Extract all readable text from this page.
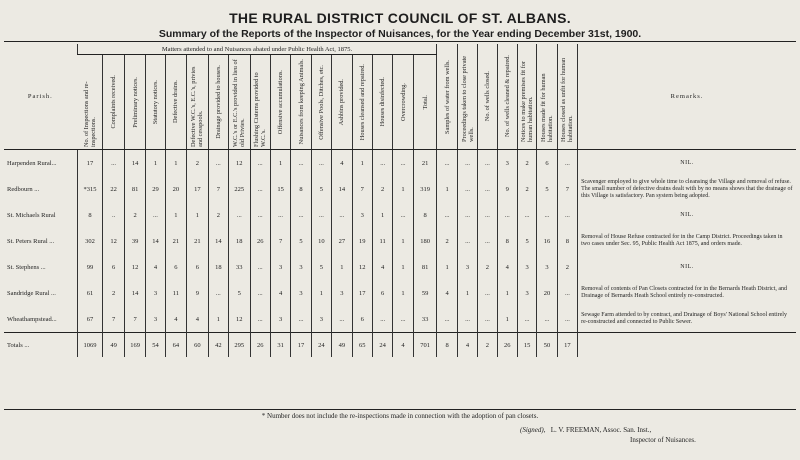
THE RURAL DISTRICT COUNCIL OF ST. ALBANS.
Summary of the Reports of the Inspector of Nuisances, for the Year ending December 31st, 1900.
Parish.	Matters attended to and Nuisances abated under Public Health Act, 1875.																	Samples of water from wells.	Proceedings taken to close private wells.	No. of wells closed.	No. of wells cleaned & repaired.	Notices to make premises fit for human habitation.	Houses made fit for human habitation.	Houses closed as unfit for human habitation.	Remarks.

	No. of Inspections and re-inspections.	Complaints received.	Preliminary notices.	Statutory notices.	Defective drains.	Defective W.C.'s, E.C.'s, privies and cesspools.	Drainage provided to houses.	W.C.'s or E.C.'s provided in lieu of old Privies.	Flushing Cisterns provided to W.C.'s.	Offensive accumulations.	Nuisances from keeping Animals.	Offensive Pools, Ditches, etc.	Ashbins provided.	Houses cleansed and repaired.	Houses disinfected.	Overcrowding.	Total.								

Harpenden Rural...	17	...	14	1	1	2	...	12	...	1	...	...	4	1	...	...	21	...	...	...	3	2	6	...	NIL.
Redbourn ...	*315	22	81	29	20	17	7	225	...	15	8	5	14	7	2	1	319	1	...	...	9	2	5	7	Scavenger employed to give whole time to cleansing the Village and removal of refuse. The small number of defective drains dealt with by no means shows that the drainage of this Village is satisfactory. Pan system being adopted.
St. Michaels Rural	8	..	2	...	1	1	2	...	...	...	...	...	...	3	1	...	8	...	...	...	...	...	...	...	NIL.
St. Peters Rural ...	302	12	39	14	21	21	14	18	26	7	5	10	27	19	11	1	180	2	...	...	8	5	16	8	Removal of House Refuse contracted for in the Camp District. Proceedings taken in two cases under Sec. 95, Public Health Act 1875, and orders made.
St. Stephens ...	99	6	12	4	6	6	18	33	...	3	3	5	1	12	4	1	81	1	3	2	4	3	3	2	NIL.
Sandridge Rural ...	61	2	14	3	11	9	...	5	...	4	3	1	3	17	6	1	59	4	1	...	1	3	20	...	Removal of contents of Pan Closets contracted for in the Bernards Heath District, and Drainage of Bernards Heath School entirely re-constructed.
Wheathampstead...	67	7	7	3	4	4	1	12	...	3	...	3	...	6	...	...	33	...	...	...	1	...	...	...	Sewage Farm attended to by contract, and Drainage of Boys' National School entirely re-constructed and connected to Public Sewer.
Totals ...	1069	49	169	54	64	60	42	295	26	31	17	24	49	65	24	4	701	8	4	2	26	15	50	17	
* Number does not include the re-inspections made in connection with the adoption of pan closets.
(Signed), L. V. FREEMAN, Assoc. San. Inst.,
Inspector of Nuisances.
